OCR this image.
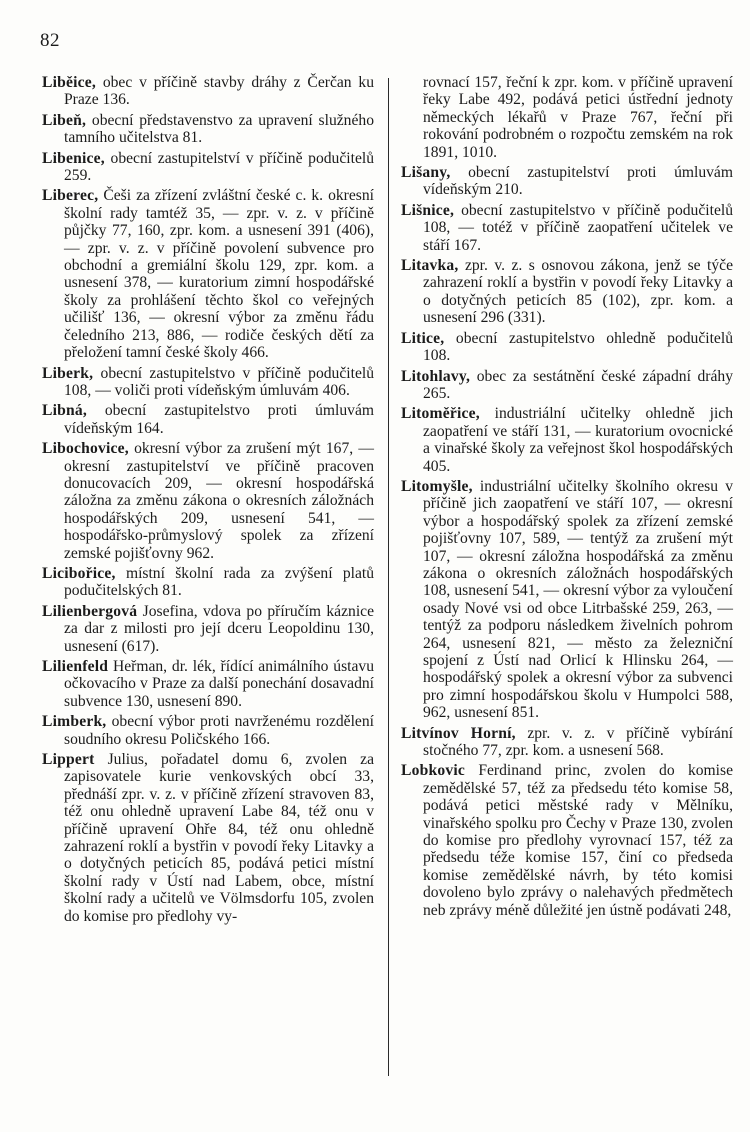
82

Liběice, obec v příčině stavby dráhy z Čerčan ku Praze 136.

Libeň, obecní představenstvo za upravení služného tamního učitelstva 81.

Libenice, obecní zastupitelství v příčině podučitelů 259.

Liberec, Češi za zřízení zvláštní české c. k. okresní školní rady tamtéž 35, — zpr. v. z. v příčině půjčky 77, 160, zpr. kom. a usnesení 391 (406), — zpr. v. z. v příčině povolení subvence pro obchodní a gremiální školu 129, zpr. kom. a usnesení 378, — kuratorium zimní hospodářské školy za prohlášení těchto škol co veřejných učilišť 136, — okresní výbor za změnu řádu čeledního 213, 886, — rodiče českých dětí za přeložení tamní české školy 466.

Liberk, obecní zastupitelstvo v příčině podučitelů 108, — voliči proti vídeňským úmluvám 406.

Libná, obecní zastupitelstvo proti úmluvám vídeňským 164.

Libochovice, okresní výbor za zrušení mýt 167, — okresní zastupitelství ve příčině pracoven donucovacích 209, — okresní hospodářská záložna za změnu zákona o okresních záložnách hospodářských 209, usnesení 541, — hospodářsko-průmyslový spolek za zřízení zemské pojišťovny 962.

Licibořice, místní školní rada za zvýšení platů podučitelských 81.

Lilienbergová Josefina, vdova po příručím káznice za dar z milosti pro její dceru Leopoldinu 130, usnesení (617).

Lilienfeld Heřman, dr. lék, řídící animálního ústavu očkovacího v Praze za další ponechání dosavadní subvence 130, usnesení 890.

Limberk, obecní výbor proti navrženému rozdělení soudního okresu Poličského 166.

Lippert Julius, pořadatel domu 6, zvolen za zapisovatele kurie venkovských obcí 33, přednáší zpr. v. z. v příčině zřízení stravoven 83, též onu ohledně upravení Labe 84, též onu v příčině upravení Ohře 84, též onu ohledně zahrazení roklí a bystřin v povodí řeky Litavky a o dotyčných peticích 85, podává petici místní školní rady v Ústí nad Labem, obce, místní školní rady a učitelů ve Völmsdorfu 105, zvolen do komise pro předlohy vy-

rovnací 157, řeční k zpr. kom. v příčině upravení řeky Labe 492, podává petici ústřední jednoty německých lékařů v Praze 767, řeční při rokování podrobném o rozpočtu zemském na rok 1891, 1010.

Lišany, obecní zastupitelství proti úmluvám vídeňským 210.

Lišnice, obecní zastupitelstvo v příčině podučitelů 108, — totéž v příčině zaopatření učitelek ve stáří 167.

Litavka, zpr. v. z. s osnovou zákona, jenž se týče zahrazení roklí a bystřin v povodí řeky Litavky a o dotyčných peticích 85 (102), zpr. kom. a usnesení 296 (331).

Litice, obecní zastupitelstvo ohledně podučitelů 108.

Litohlavy, obec za sestátnění české západní dráhy 265.

Litoměřice, industriální učitelky ohledně jich zaopatření ve stáří 131, — kuratorium ovocnické a vinařské školy za veřejnost škol hospodářských 405.

Litomyšle, industriální učitelky školního okresu v příčině jich zaopatření ve stáří 107, — okresní výbor a hospodářský spolek za zřízení zemské pojišťovny 107, 589, — tentýž za zrušení mýt 107, — okresní záložna hospodářská za změnu zákona o okresních záložnách hospodářských 108, usnesení 541, — okresní výbor za vyloučení osady Nové vsi od obce Litrbašské 259, 263, — tentýž za podporu následkem živelních pohrom 264, usnesení 821, — město za železniční spojení z Ústí nad Orlicí k Hlinsku 264, — hospodářský spolek a okresní výbor za subvenci pro zimní hospodářskou školu v Humpolci 588, 962, usnesení 851.

Litvínov Horní, zpr. v. z. v příčině vybírání stočného 77, zpr. kom. a usnesení 568.

Lobkovic Ferdinand princ, zvolen do komise zemědělské 57, též za předsedu této komise 58, podává petici městské rady v Mělníku, vinařského spolku pro Čechy v Praze 130, zvolen do komise pro předlohy vyrovnací 157, též za předsedu téže komise 157, činí co předseda komise zemědělské návrh, by této komisi dovoleno bylo zprávy o nalehavých předmětech neb zprávy méně důležité jen ústně podávati 248,
